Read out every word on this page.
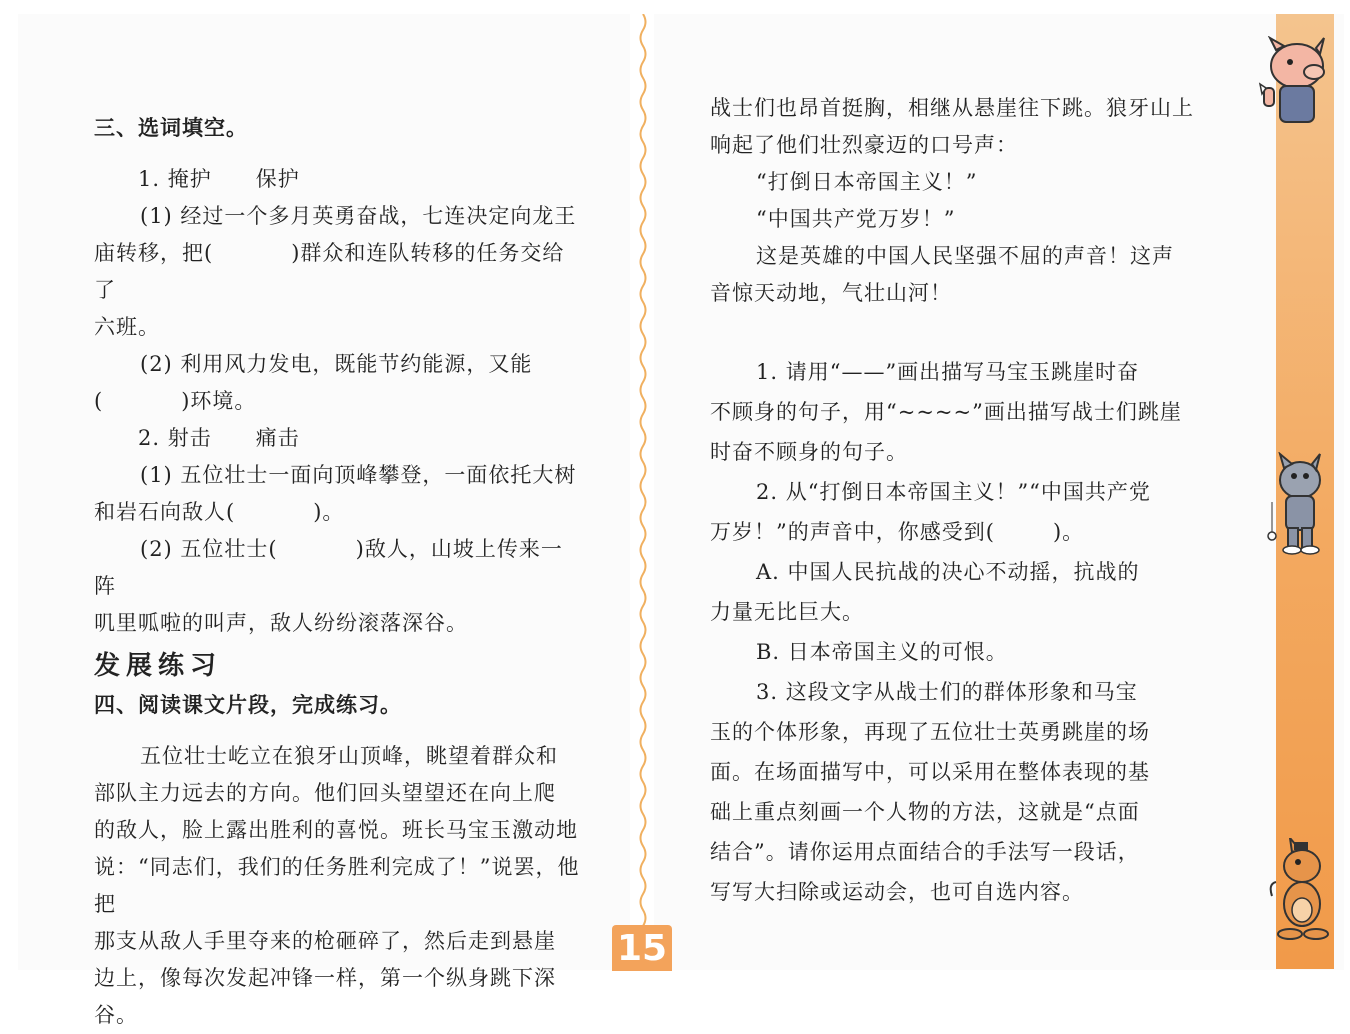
三、选词填空。

1. 掩护　　保护

(1) 经过一个多月英勇奋战，七连决定向龙王

庙转移，把(	)群众和连队转移的任务交给了

六班。

(2) 利用风力发电，既能节约能源，又能

(	)环境。

2. 射击　　痛击

(1) 五位壮士一面向顶峰攀登，一面依托大树

和岩石向敌人(	)。

(2) 五位壮士(	)敌人，山坡上传来一阵

叽里呱啦的叫声，敌人纷纷滚落深谷。

发展练习

四、阅读课文片段，完成练习。

五位壮士屹立在狼牙山顶峰，眺望着群众和

部队主力远去的方向。他们回头望望还在向上爬

的敌人，脸上露出胜利的喜悦。班长马宝玉激动地

说：“同志们，我们的任务胜利完成了！”说罢，他把

那支从敌人手里夺来的枪砸碎了，然后走到悬崖

边上，像每次发起冲锋一样，第一个纵身跳下深谷。

战士们也昂首挺胸，相继从悬崖往下跳。狼牙山上

响起了他们壮烈豪迈的口号声：

“打倒日本帝国主义！”

“中国共产党万岁！”

这是英雄的中国人民坚强不屈的声音！这声

音惊天动地，气壮山河！

1. 请用“——”画出描写马宝玉跳崖时奋

不顾身的句子，用“~~~~”画出描写战士们跳崖

时奋不顾身的句子。

2. 从“打倒日本帝国主义！”“中国共产党

万岁！”的声音中，你感受到(	)。

A. 中国人民抗战的决心不动摇，抗战的

力量无比巨大。

B. 日本帝国主义的可恨。

3. 这段文字从战士们的群体形象和马宝

玉的个体形象，再现了五位壮士英勇跳崖的场

面。在场面描写中，可以采用在整体表现的基

础上重点刻画一个人物的方法，这就是“点面

结合”。请你运用点面结合的手法写一段话，

写写大扫除或运动会，也可自选内容。

15
